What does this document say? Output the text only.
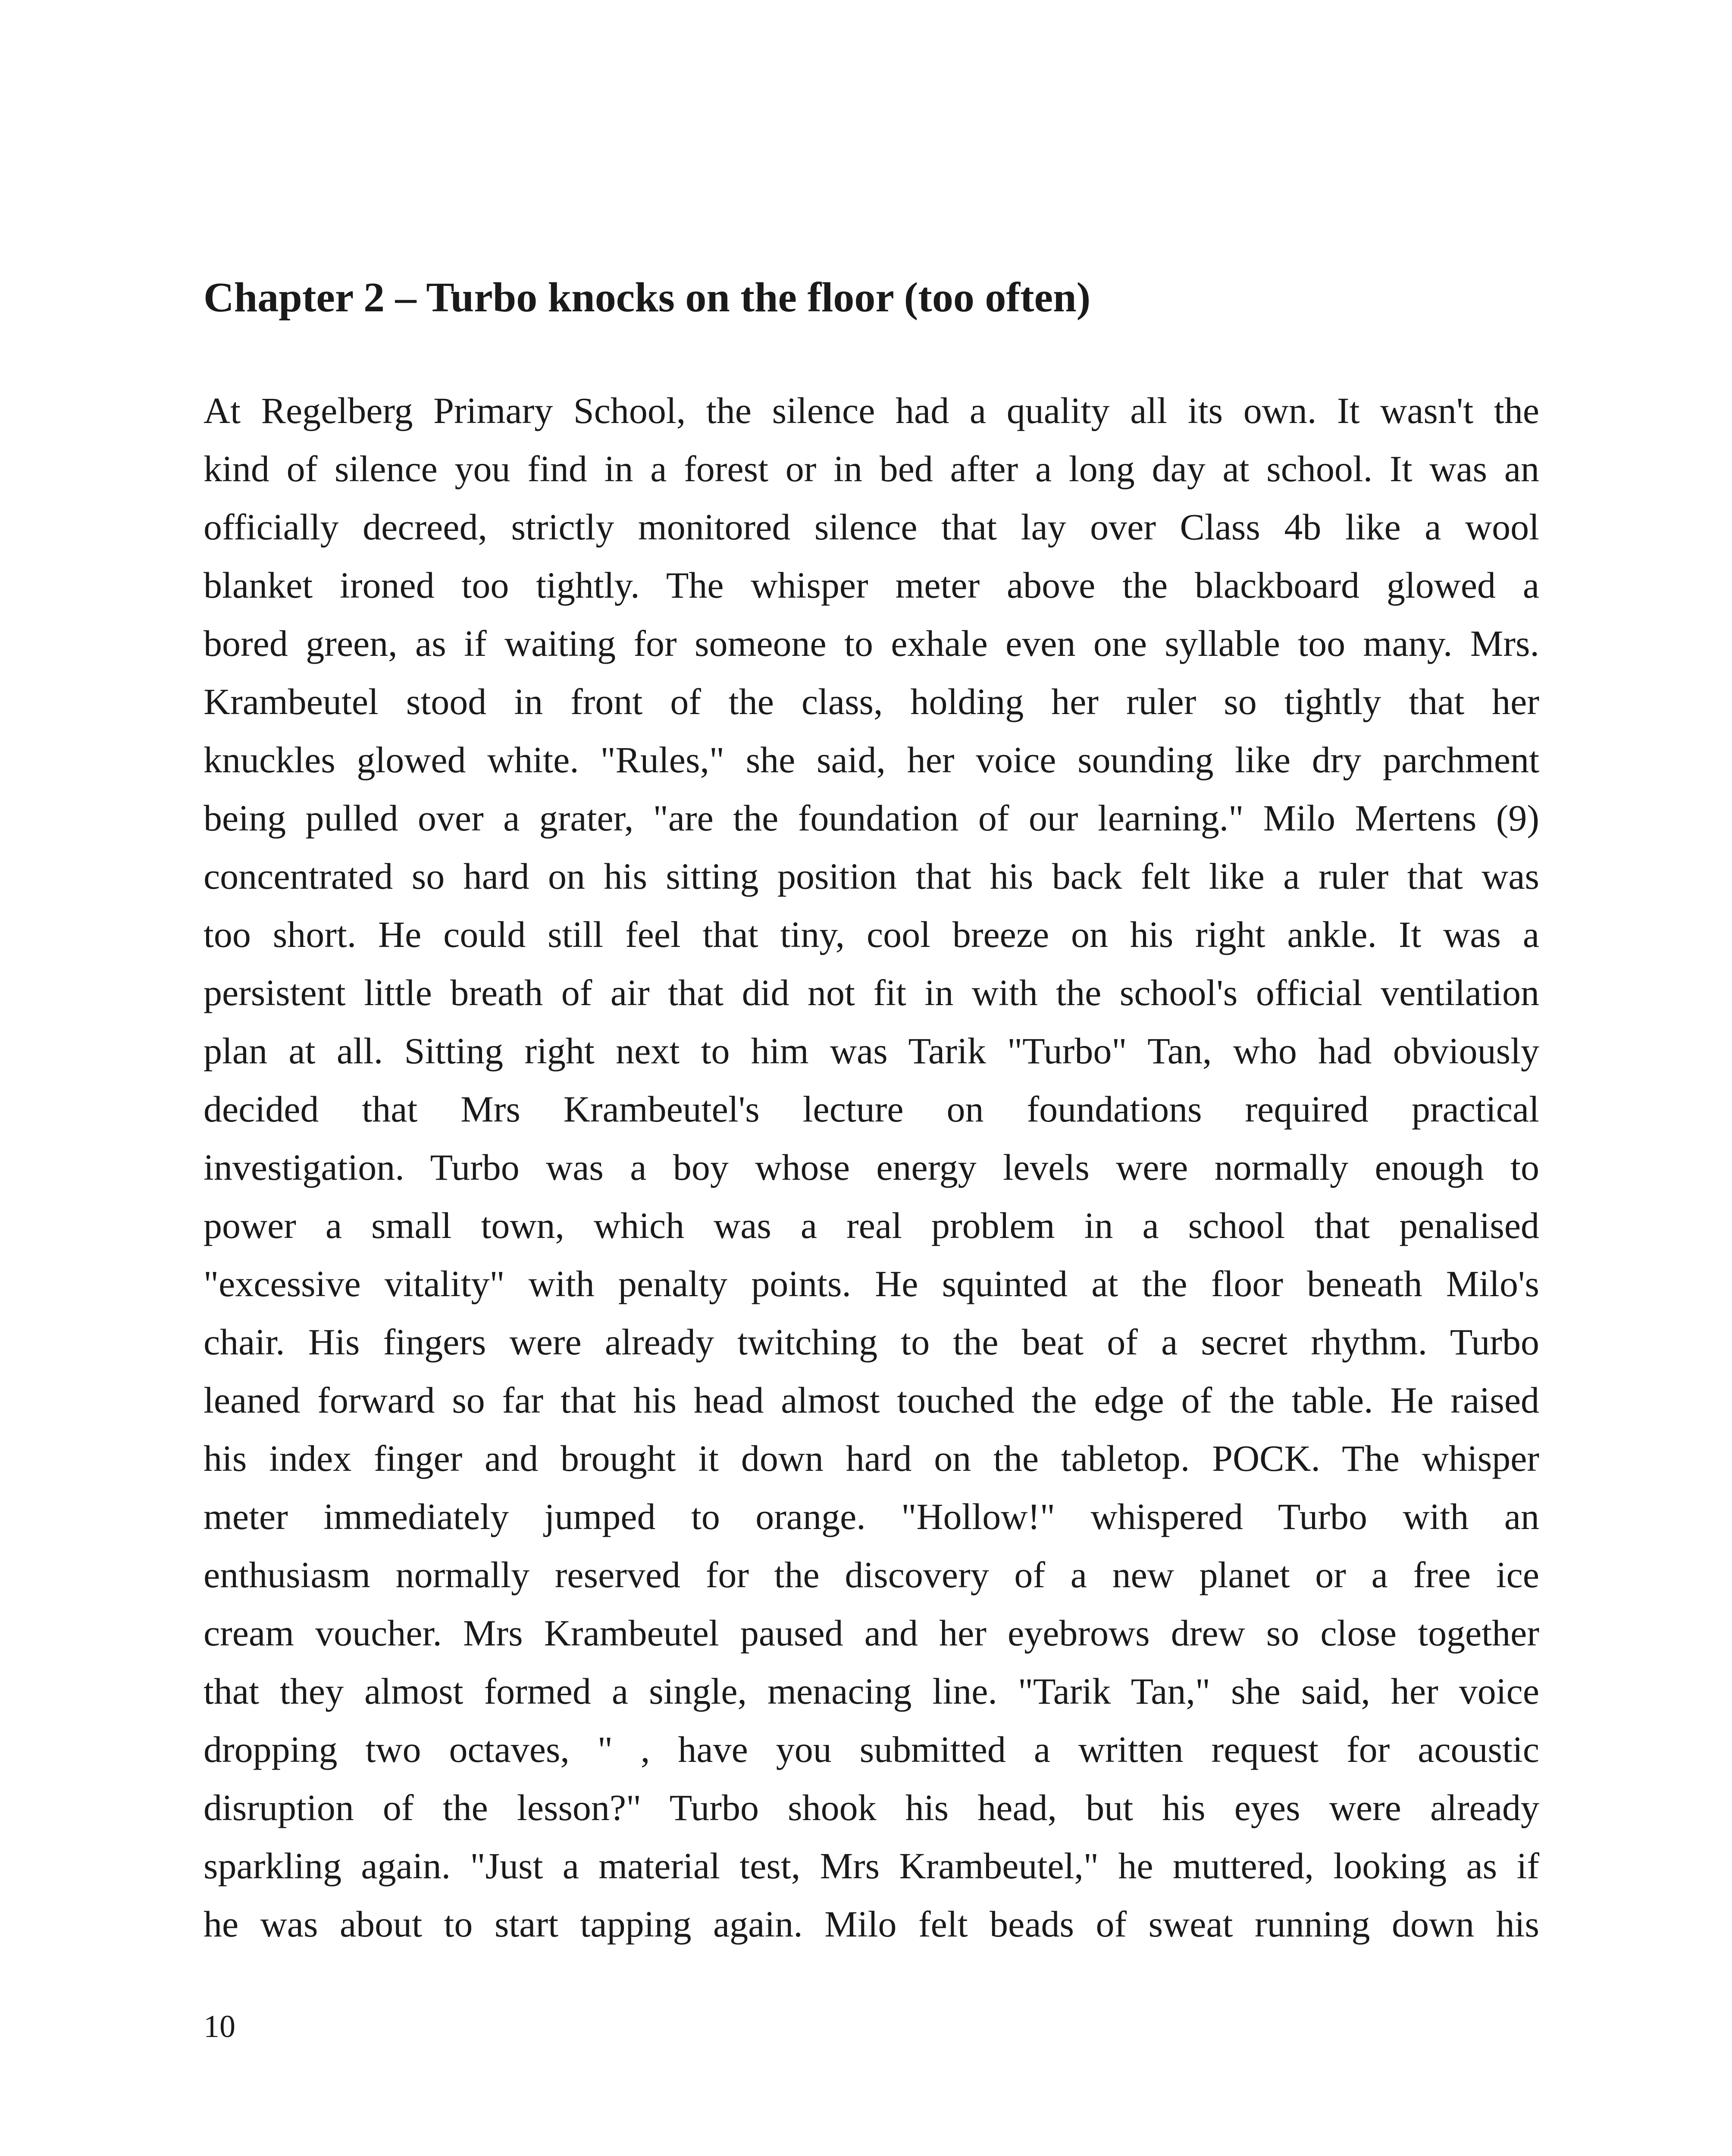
Chapter 2 – Turbo knocks on the floor (too often)
At Regelberg Primary School, the silence had a quality all its own. It wasn't the
kind of silence you find in a forest or in bed after a long day at school. It was an
officially decreed, strictly monitored silence that lay over Class 4b like a wool
blanket ironed too tightly. The whisper meter above the blackboard glowed a
bored green, as if waiting for someone to exhale even one syllable too many. Mrs.
Krambeutel stood in front of the class, holding her ruler so tightly that her
knuckles glowed white. "Rules," she said, her voice sounding like dry parchment
being pulled over a grater, "are the foundation of our learning." Milo Mertens (9)
concentrated so hard on his sitting position that his back felt like a ruler that was
too short. He could still feel that tiny, cool breeze on his right ankle. It was a
persistent little breath of air that did not fit in with the school's official ventilation
plan at all. Sitting right next to him was Tarik "Turbo" Tan, who had obviously
decided that Mrs Krambeutel's lecture on foundations required practical
investigation. Turbo was a boy whose energy levels were normally enough to
power a small town, which was a real problem in a school that penalised
"excessive vitality" with penalty points. He squinted at the floor beneath Milo's
chair. His fingers were already twitching to the beat of a secret rhythm. Turbo
leaned forward so far that his head almost touched the edge of the table. He raised
his index finger and brought it down hard on the tabletop. POCK. The whisper
meter immediately jumped to orange. "Hollow!" whispered Turbo with an
enthusiasm normally reserved for the discovery of a new planet or a free ice
cream voucher. Mrs Krambeutel paused and her eyebrows drew so close together
that they almost formed a single, menacing line. "Tarik Tan," she said, her voice
dropping two octaves, " , have you submitted a written request for acoustic
disruption of the lesson?" Turbo shook his head, but his eyes were already
sparkling again. "Just a material test, Mrs Krambeutel," he muttered, looking as if
he was about to start tapping again. Milo felt beads of sweat running down his
10
